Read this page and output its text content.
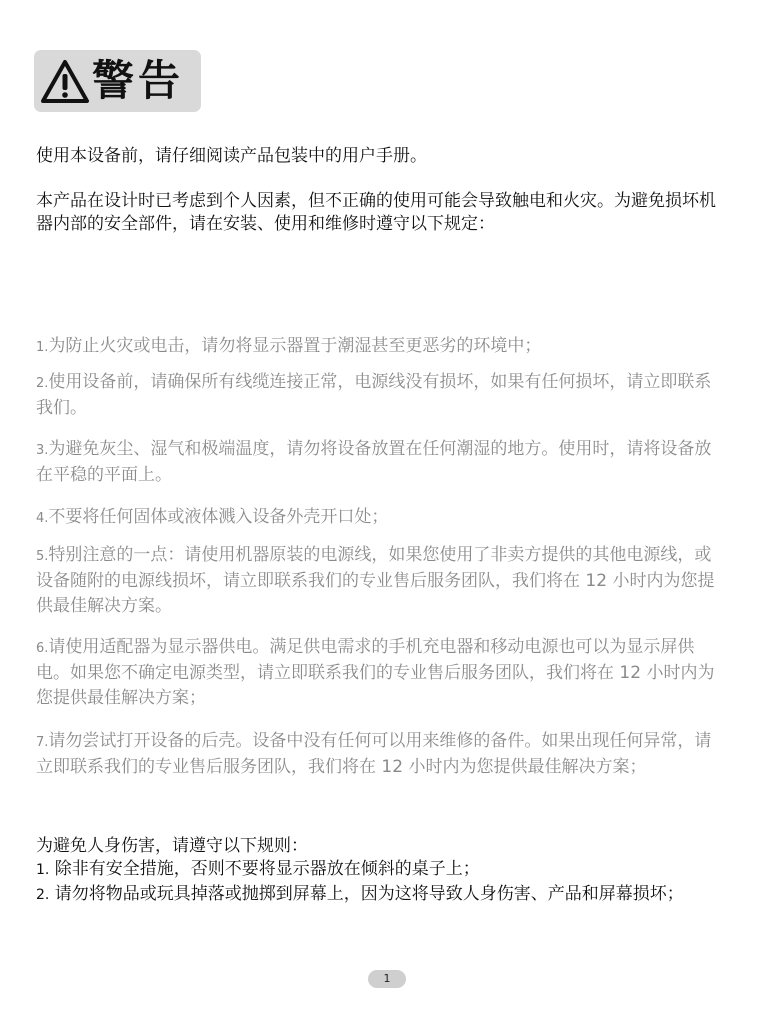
警告

使用本设备前，请仔细阅读产品包装中的用户手册。

本产品在设计时已考虑到个人因素，但不正确的使用可能会导致触电和火灾。为避免损坏机器内部的安全部件，请在安装、使用和维修时遵守以下规定：

1.为防止火灾或电击，请勿将显示器置于潮湿甚至更恶劣的环境中；

2.使用设备前，请确保所有线缆连接正常，电源线没有损坏，如果有任何损坏，请立即联系我们。

3.为避免灰尘、湿气和极端温度，请勿将设备放置在任何潮湿的地方。使用时，请将设备放在平稳的平面上。

4.不要将任何固体或液体溅入设备外壳开口处；

5.特别注意的一点：请使用机器原装的电源线，如果您使用了非卖方提供的其他电源线，或设备随附的电源线损坏，请立即联系我们的专业售后服务团队，我们将在 12 小时内为您提供最佳解决方案。

6.请使用适配器为显示器供电。满足供电需求的手机充电器和移动电源也可以为显示屏供电。如果您不确定电源类型，请立即联系我们的专业售后服务团队，我们将在 12 小时内为您提供最佳解决方案；

7.请勿尝试打开设备的后壳。设备中没有任何可以用来维修的备件。如果出现任何异常，请立即联系我们的专业售后服务团队，我们将在 12 小时内为您提供最佳解决方案；

为避免人身伤害，请遵守以下规则：

1. 除非有安全措施，否则不要将显示器放在倾斜的桌子上；

2. 请勿将物品或玩具掉落或抛掷到屏幕上，因为这将导致人身伤害、产品和屏幕损坏；

1
